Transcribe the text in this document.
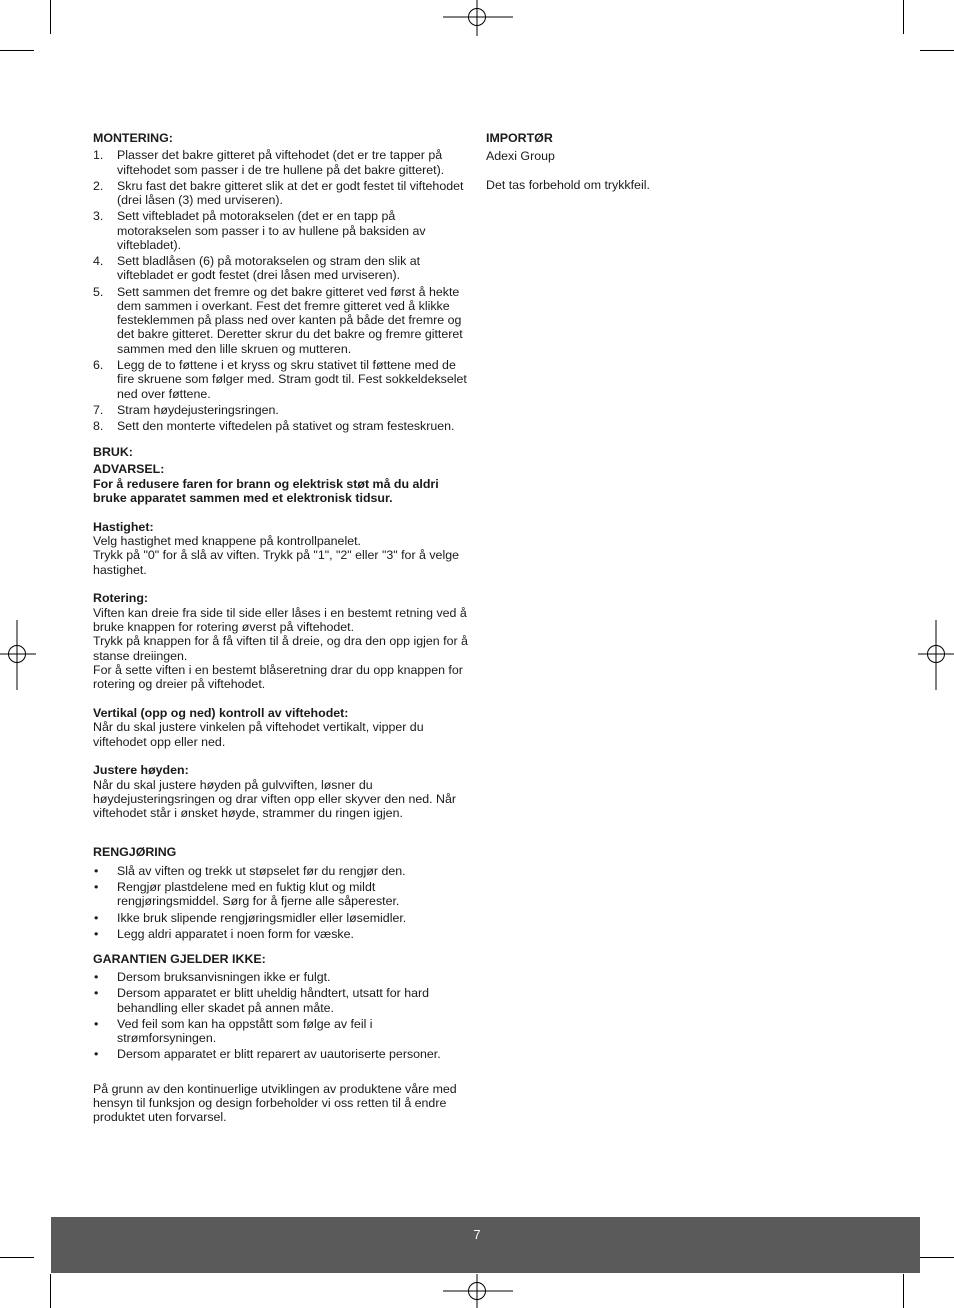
MONTERING:

1. Plasser det bakre gitteret på viftehodet (det er tre tapper på viftehodet som passer i de tre hullene på det bakre gitteret).
2. Skru fast det bakre gitteret slik at det er godt festet til viftehodet (drei låsen (3) med urviseren).
3. Sett viftebladet på motorakselen (det er en tapp på motorakselen som passer i to av hullene på baksiden av viftebladet).
4. Sett bladlåsen (6) på motorakselen og stram den slik at viftebladet er godt festet (drei låsen med urviseren).
5. Sett sammen det fremre og det bakre gitteret ved først å hekte dem sammen i overkant. Fest det fremre gitteret ved å klikke festeklemmen på plass ned over kanten på både det fremre og det bakre gitteret. Deretter skrur du det bakre og fremre gitteret sammen med den lille skruen og mutteren.
6. Legg de to føttene i et kryss og skru stativet til føttene med de fire skruene som følger med. Stram godt til. Fest sokkeldekselet ned over føttene.
7. Stram høydejusteringsringen.
8. Sett den monterte viftedelen på stativet og stram festeskruen.

BRUK:

ADVARSEL:

For å redusere faren for brann og elektrisk støt må du aldri bruke apparatet sammen med et elektronisk tidsur.

Hastighet:

Velg hastighet med knappene på kontrollpanelet.

Trykk på "0" for å slå av viften. Trykk på "1", "2" eller "3" for å velge hastighet.

Rotering:

Viften kan dreie fra side til side eller låses i en bestemt retning ved å bruke knappen for rotering øverst på viftehodet.

Trykk på knappen for å få viften til å dreie, og dra den opp igjen for å stanse dreiingen.

For å sette viften i en bestemt blåseretning drar du opp knappen for rotering og dreier på viftehodet.

Vertikal (opp og ned) kontroll av viftehodet:

Når du skal justere vinkelen på viftehodet vertikalt, vipper du viftehodet opp eller ned.

Justere høyden:

Når du skal justere høyden på gulvviften, løsner du høydejusteringsringen og drar viften opp eller skyver den ned. Når viftehodet står i ønsket høyde, strammer du ringen igjen.

RENGJØRING

• Slå av viften og trekk ut støpselet før du rengjør den.
• Rengjør plastdelene med en fuktig klut og mildt rengjøringsmiddel. Sørg for å fjerne alle såperester.
• Ikke bruk slipende rengjøringsmidler eller løsemidler.
• Legg aldri apparatet i noen form for væske.

GARANTIEN GJELDER IKKE:

• Dersom bruksanvisningen ikke er fulgt.
• Dersom apparatet er blitt uheldig håndtert, utsatt for hard behandling eller skadet på annen måte.
• Ved feil som kan ha oppstått som følge av feil i strømforsyningen.
• Dersom apparatet er blitt reparert av uautoriserte personer.

På grunn av den kontinuerlige utviklingen av produktene våre med hensyn til funksjon og design forbeholder vi oss retten til å endre produktet uten forvarsel.

IMPORTØR

Adexi Group

Det tas forbehold om trykkfeil.

7
